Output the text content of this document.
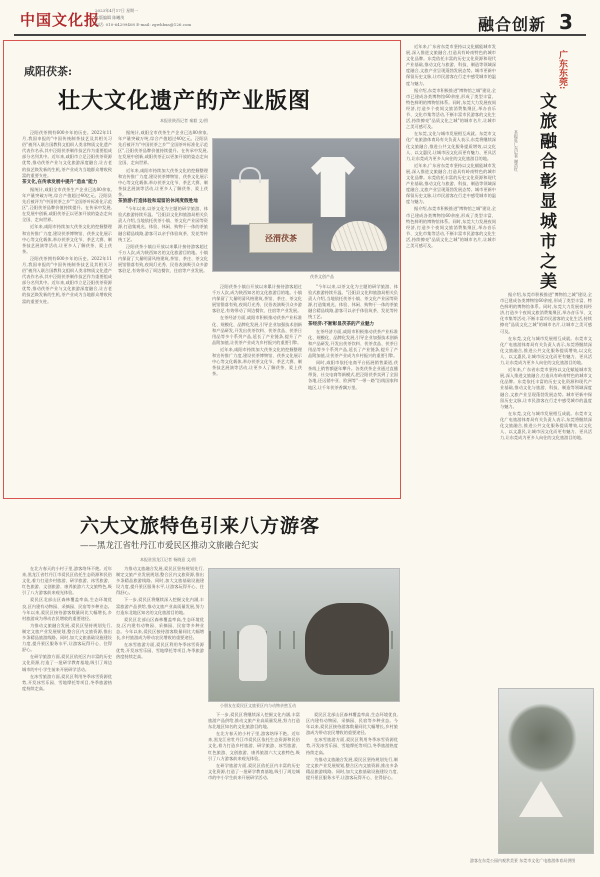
中国文化报
2023年4月17日 星期一
本版编辑 陈曦茂
电话: 010-64299408 E-mail: zgwhbxa@126.com	融合创新 3
咸阳茯茶:
壮大文化遗产的产业版图
本报驻陕西记者 秦毅 文/图

泾阳茯茶拥有600多年的历史。2022年11月,我国申报的"中国传统制茶技艺及其相关习俗"被列入联合国教科文组织人类非物质文化遗产代表作名录,其中泾阳茯茶制作技艺作为重要组成部分名列其中。近年来,咸阳市立足泾阳茯茶资源优势,推动茯茶产业与文化旅游深度融合,让古老的技艺焕发新的生机,茶产业成为当地群众增收致富的重要支柱。

茶文化,在传承发展中提升"造血"能力

据统计,咸阳全市茯茶生产企业已达80余家,年产量突破万吨,综合产值超过40亿元。泾阳县先后被评为"中国茯茶之乡""全国茶叶标准化示范区",泾阳茯茶品牌价值持续提升。在传承中发展,在发展中创新,咸阳茯茶正以更加开放的姿态走向全国、走向世界。

近年来,咸阳市持续加大茯茶文化的挖掘整理和宣传推广力度,建设茯茶博物馆、茯茶文化展示中心等文化载体,举办茯茶文化节、茶艺大赛、制茶技艺展演等活动,让更多人了解茯茶、爱上茯茶。

泾阳茯茶拥有600多年的历史。2022年11月,我国申报的"中国传统制茶技艺及其相关习俗"被列入联合国教科文组织人类非物质文化遗产代表作名录,其中泾阳茯茶制作技艺作为重要组成部分名列其中。近年来,咸阳市立足泾阳茯茶资源优势,推动茯茶产业与文化旅游深度融合,让古老的技艺焕发新的生机,茶产业成为当地群众增收致富的重要支柱。

据统计,咸阳全市茯茶生产企业已达80余家,年产量突破万吨,综合产值超过40亿元。泾阳县先后被评为"中国茯茶之乡""全国茶叶标准化示范区",泾阳茯茶品牌价值持续提升。在传承中发展,在发展中创新,咸阳茯茶正以更加开放的姿态走向全国、走向世界。

近年来,咸阳市持续加大茯茶文化的挖掘整理和宣传推广力度,建设茯茶博物馆、茯茶文化展示中心等文化载体,举办茯茶文化节、茶艺大赛、制茶技艺展演等活动,让更多人了解茯茶、爱上茯茶。

茶旅游:打造体验和逗留的休闲度假胜地

"今年以来,以茶文化为主题的研学旅游、体验式旅游持续升温。"泾阳县文化和旅游局相关负责人介绍,当地依托茯茶小镇、茶文化产业园等资源,打造集观光、体验、休闲、购物于一体的茶旅融合精品线路,游客可以亲手体验筑茶、发花等传统工艺。

泾阳茯茶小镇自开放以来累计接待游客超过千万人次,成为陕西知名的文化旅游目的地。小镇内保留了大量明清风格建筑,茶馆、茶庄、茶文化展馆错落有致,夜间灯光秀、民俗表演吸引众多游客驻足,有效带动了周边餐饮、住宿等产业发展。

泾渭茯茶
茯茶文创产品

泾阳茯茶小镇自开放以来累计接待游客超过千万人次,成为陕西知名的文化旅游目的地。小镇内保留了大量明清风格建筑,茶馆、茶庄、茶文化展馆错落有致,夜间灯光秀、民俗表演吸引众多游客驻足,有效带动了周边餐饮、住宿等产业发展。

在茶经济方面,咸阳市积极推动茯茶产业标准化、规模化、品牌化发展,引导企业加强技术创新和产品研发,开发出茯茶饮料、茯茶食品、茯茶日用品等多个系列产品,延长了产业链条,提升了产品附加值,让茯茶产业成为乡村振兴的重要引擎。

近年来,咸阳市持续加大茯茶文化的挖掘整理和宣传推广力度,建设茯茶博物馆、茯茶文化展示中心等文化载体,举办茯茶文化节、茶艺大赛、制茶技艺展演等活动,让更多人了解茯茶、爱上茯茶。

"今年以来,以茶文化为主题的研学旅游、体验式旅游持续升温。"泾阳县文化和旅游局相关负责人介绍,当地依托茯茶小镇、茶文化产业园等资源,打造集观光、体验、休闲、购物于一体的茶旅融合精品线路,游客可以亲手体验筑茶、发花等传统工艺。

茶经济:不断彰显茯茶的产业魅力

在茶经济方面,咸阳市积极推动茯茶产业标准化、规模化、品牌化发展,引导企业加强技术创新和产品研发,开发出茯茶饮料、茯茶食品、茯茶日用品等多个系列产品,延长了产业链条,提升了产品附加值,让茯茶产业成为乡村振兴的重要引擎。

同时,咸阳市依托电商平台拓展销售渠道,茯茶线上销售额逐年攀升。各类茯茶企业通过直播带货、社交电商等新模式,把泾阳茯茶卖到了全国各地,还远销中亚、欧洲等"一带一路"沿线国家和地区,让千年茯茶香飘万里。

近年来,广东省东莞市坚持以文化赋能城市发展,深入推进文旅融合,打造具有岭南特色的城市文化品牌。东莞依托丰富的历史文化资源和现代产业基础,推动文化与旅游、科技、制造等领域深度融合,文旅产业呈现蓬勃发展态势。城市更新中保留历史文脉,让市民游客在行走中感受城市的温度与魅力。

据介绍,东莞市积极推进"博物馆之城"建设,全市已建成各类博物馆60余座,形成了类型丰富、特色鲜明的博物馆体系。同时,东莞大力发展夜间经济,打造多个夜间文旅消费集聚区,举办音乐节、文化市集等活动,不断丰富市民游客的文化生活,持续擦亮"品质文化之城"的城市名片,让城市之美可感可及。

在东莞,文化与城市发展相互成就。东莞市文化广电旅游体育局有关负责人表示,东莞将继续深化文旅融合,推进公共文化服务提质增效,以文化人、以文惠民,让城市因文化而更有魅力、更具活力,让东莞成为更多人向往的文化旅游目的地。

近年来,广东省东莞市坚持以文化赋能城市发展,深入推进文旅融合,打造具有岭南特色的城市文化品牌。东莞依托丰富的历史文化资源和现代产业基础,推动文化与旅游、科技、制造等领域深度融合,文旅产业呈现蓬勃发展态势。城市更新中保留历史文脉,让市民游客在行走中感受城市的温度与魅力。

据介绍,东莞市积极推进"博物馆之城"建设,全市已建成各类博物馆60余座,形成了类型丰富、特色鲜明的博物馆体系。同时,东莞大力发展夜间经济,打造多个夜间文旅消费集聚区,举办音乐节、文化市集等活动,不断丰富市民游客的文化生活,持续擦亮"品质文化之城"的城市名片,让城市之美可感可及。

广东东莞:
文旅融合彰显城市之美
本报驻广东记者 谢浩红

据介绍,东莞市积极推进"博物馆之城"建设,全市已建成各类博物馆60余座,形成了类型丰富、特色鲜明的博物馆体系。同时,东莞大力发展夜间经济,打造多个夜间文旅消费集聚区,举办音乐节、文化市集等活动,不断丰富市民游客的文化生活,持续擦亮"品质文化之城"的城市名片,让城市之美可感可及。

在东莞,文化与城市发展相互成就。东莞市文化广电旅游体育局有关负责人表示,东莞将继续深化文旅融合,推进公共文化服务提质增效,以文化人、以文惠民,让城市因文化而更有魅力、更具活力,让东莞成为更多人向往的文化旅游目的地。

近年来,广东省东莞市坚持以文化赋能城市发展,深入推进文旅融合,打造具有岭南特色的城市文化品牌。东莞依托丰富的历史文化资源和现代产业基础,推动文化与旅游、科技、制造等领域深度融合,文旅产业呈现蓬勃发展态势。城市更新中保留历史文脉,让市民游客在行走中感受城市的温度与魅力。

在东莞,文化与城市发展相互成就。东莞市文化广电旅游体育局有关负责人表示,东莞将继续深化文旅融合,推进公共文化服务提质增效,以文化人、以文惠民,让城市因文化而更有魅力、更具活力,让东莞成为更多人向往的文化旅游目的地。

六大文旅特色引来八方游客
——黑龙江省牡丹江市爱民区推动文旅融合纪实
本报驻黑龙江记者 杨晓意 文/图

在北方春天的小村子里,游客络绎不绝。近年来,黑龙江省牡丹江市爱民区依托生态资源和民俗文化,着力打造乡村旅游、研学旅游、冰雪旅游、红色旅游、文创旅游、康养旅游六大文旅特色,吸引了八方游客前来观光体验。

爱民区北部山区森林覆盖率高,生态环境优良,区内建有动物园、采摘园、民宿等多种业态。今年以来,爱民区接待游客数量同比大幅增长,乡村旅游成为带动农民增收的重要途径。

为推动文旅融合发展,爱民区坚持规划先行,制定文旅产业发展规划,整合区内文旅资源,推出多条精品旅游线路。同时,加大文旅基础设施建设力度,提升景区服务水平,让游客玩得开心、住得舒心。

在研学旅游方面,爱民区依托区内丰富的历史文化资源,打造了一批研学教育基地,吸引了周边城市的中小学生前来开展研学活动。

在冰雪旅游方面,爱民区利用冬季冰雪资源优势,开发冰雪乐园、雪地摩托等项目,冬季旅游热度持续走高。

为推动文旅融合发展,爱民区坚持规划先行,制定文旅产业发展规划,整合区内文旅资源,推出多条精品旅游线路。同时,加大文旅基础设施建设力度,提升景区服务水平,让游客玩得开心、住得舒心。

下一步,爱民区将继续深入挖掘文化内涵,丰富旅游产品供给,推动文旅产业高质量发展,努力打造东北地区知名的文化旅游目的地。

爱民区北部山区森林覆盖率高,生态环境优良,区内建有动物园、采摘园、民宿等多种业态。今年以来,爱民区接待游客数量同比大幅增长,乡村旅游成为带动农民增收的重要途径。

在冰雪旅游方面,爱民区利用冬季冰雪资源优势,开发冰雪乐园、雪地摩托等项目,冬季旅游热度持续走高。

小朋友在爱民区文旅景区内与动物亲密互动

下一步,爱民区将继续深入挖掘文化内涵,丰富旅游产品供给,推动文旅产业高质量发展,努力打造东北地区知名的文化旅游目的地。

在北方春天的小村子里,游客络绎不绝。近年来,黑龙江省牡丹江市爱民区依托生态资源和民俗文化,着力打造乡村旅游、研学旅游、冰雪旅游、红色旅游、文创旅游、康养旅游六大文旅特色,吸引了八方游客前来观光体验。

在研学旅游方面,爱民区依托区内丰富的历史文化资源,打造了一批研学教育基地,吸引了周边城市的中小学生前来开展研学活动。

爱民区北部山区森林覆盖率高,生态环境优良,区内建有动物园、采摘园、民宿等多种业态。今年以来,爱民区接待游客数量同比大幅增长,乡村旅游成为带动农民增收的重要途径。

在冰雪旅游方面,爱民区利用冬季冰雪资源优势,开发冰雪乐园、雪地摩托等项目,冬季旅游热度持续走高。

为推动文旅融合发展,爱民区坚持规划先行,制定文旅产业发展规划,整合区内文旅资源,推出多条精品旅游线路。同时,加大文旅基础设施建设力度,提升景区服务水平,让游客玩得开心、住得舒心。

游客在东莞公园内观赏美景 东莞市文化广电旅游体育局供图
